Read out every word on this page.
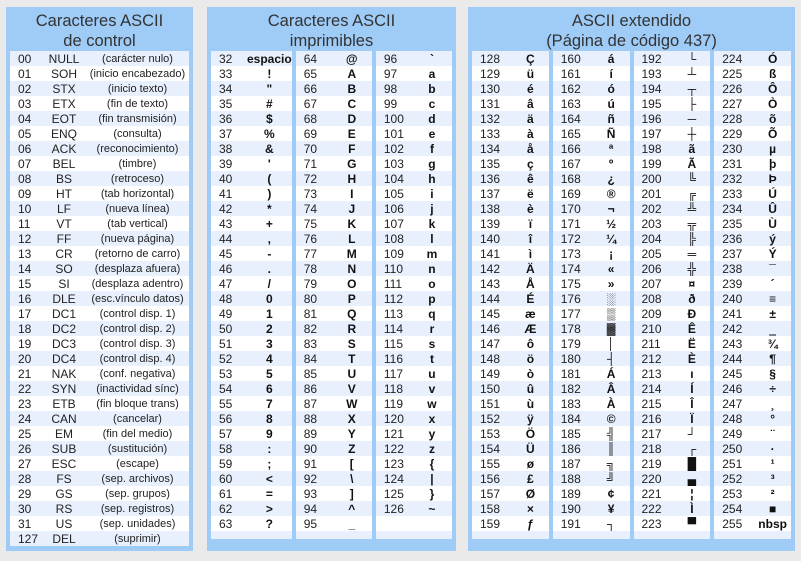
Caracteres ASCII
de control
00	NULL	(carácter nulo)
01	SOH	(inicio encabezado)
02	STX	(inicio texto)
03	ETX	(fin de texto)
04	EOT	(fin transmisión)
05	ENQ	(consulta)
06	ACK	(reconocimiento)
07	BEL	(timbre)
08	BS	(retroceso)
09	HT	(tab horizontal)
10	LF	(nueva línea)
11	VT	(tab vertical)
12	FF	(nueva página)
13	CR	(retorno de carro)
14	SO	(desplaza afuera)
15	SI	(desplaza adentro)
16	DLE	(esc.vínculo datos)
17	DC1	(control disp. 1)
18	DC2	(control disp. 2)
19	DC3	(control disp. 3)
20	DC4	(control disp. 4)
21	NAK	(conf. negativa)
22	SYN	(inactividad sínc)
23	ETB	(fin bloque trans)
24	CAN	(cancelar)
25	EM	(fin del medio)
26	SUB	(sustitución)
27	ESC	(escape)
28	FS	(sep. archivos)
29	GS	(sep. grupos)
30	RS	(sep. registros)
31	US	(sep. unidades)
127	DEL	(suprimir)
Caracteres ASCII
imprimibles
32	espacio
33	!
34	"
35	#
36	$
37	%
38	&
39	'
40	(
41	)
42	*
43	+
44	,
45	-
46	.
47	/
48	0
49	1
50	2
51	3
52	4
53	5
54	6
55	7
56	8
57	9
58	:
59	;
60	<
61	=
62	>
63	?
64	@
65	A
66	B
67	C
68	D
69	E
70	F
71	G
72	H
73	I
74	J
75	K
76	L
77	M
78	N
79	O
80	P
81	Q
82	R
83	S
84	T
85	U
86	V
87	W
88	X
89	Y
90	Z
91	[
92	\
93	]
94	^
95	_
96	`
97	a
98	b
99	c
100	d
101	e
102	f
103	g
104	h
105	i
106	j
107	k
108	l
109	m
110	n
111	o
112	p
113	q
114	r
115	s
116	t
117	u
118	v
119	w
120	x
121	y
122	z
123	{
124	|
125	}
126	~
ASCII extendido
(Página de código 437)
128	Ç
129	ü
130	é
131	â
132	ä
133	à
134	å
135	ç
136	ê
137	ë
138	è
139	ï
140	î
141	ì
142	Ä
143	Å
144	É
145	æ
146	Æ
147	ô
148	ö
149	ò
150	û
151	ù
152	ÿ
153	Ö
154	Ü
155	ø
156	£
157	Ø
158	×
159	ƒ
160	á
161	í
162	ó
163	ú
164	ñ
165	Ñ
166	ª
167	º
168	¿
169	®
170	¬
171	½
172	¼
173	¡
174	«
175	»
176	░
177	▒
178	▓
179	│
180	┤
181	Á
182	Â
183	À
184	©
185	╣
186	║
187	╗
188	╝
189	¢
190	¥
191	┐
192	└
193	┴
194	┬
195	├
196	─
197	┼
198	ã
199	Ã
200	╚
201	╔
202	╩
203	╦
204	╠
205	═
206	╬
207	¤
208	ð
209	Ð
210	Ê
211	Ë
212	È
213	ı
214	Í
215	Î
216	Ï
217	┘
218	┌
219	█
220	▄
221	¦
222	Ì
223	▀
224	Ó
225	ß
226	Ô
227	Ò
228	õ
229	Õ
230	µ
231	þ
232	Þ
233	Ú
234	Û
235	Ù
236	ý
237	Ý
238	¯
239	´
240	≡
241	±
242	‗
243	¾
244	¶
245	§
246	÷
247	¸
248	°
249	¨
250	·
251	¹
252	³
253	²
254	■
255	nbsp
